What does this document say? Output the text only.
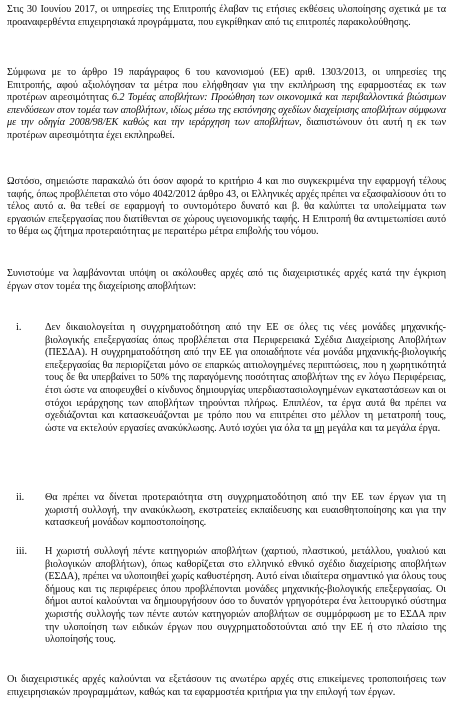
Στις 30 Ιουνίου 2017, οι υπηρεσίες της Επιτροπής έλαβαν τις ετήσιες εκθέσεις υλοποίησης σχετικά με τα προαναφερθέντα επιχειρησιακά προγράμματα, που εγκρίθηκαν από τις επιτροπές παρακολούθησης.

Σύμφωνα με το άρθρο 19 παράγραφος 6 του κανονισμού (ΕΕ) αριθ. 1303/2013, οι υπηρεσίες της Επιτροπής, αφού αξιολόγησαν τα μέτρα που ελήφθησαν για την εκπλήρωση της εφαρμοστέας εκ των προτέρων αιρεσιμότητας 6.2 Τομέας αποβλήτων: Προώθηση των οικονομικά και περιβαλλοντικά βιώσιμων επενδύσεων στον τομέα των αποβλήτων, ιδίως μέσω της εκπόνησης σχεδίων διαχείρισης αποβλήτων σύμφωνα με την οδηγία 2008/98/ΕΚ καθώς και την ιεράρχηση των αποβλήτων, διαπιστώνουν ότι αυτή η εκ των προτέρων αιρεσιμότητα έχει εκπληρωθεί.

Ωστόσο, σημειώστε παρακαλώ ότι όσον αφορά το κριτήριο 4 και πιο συγκεκριμένα την εφαρμογή τέλους ταφής, όπως προβλέπεται στο νόμο 4042/2012 άρθρο 43, οι Ελληνικές αρχές πρέπει να εξασφαλίσουν ότι το τέλος αυτό α. θα τεθεί σε εφαρμογή το συντομότερο δυνατό και β. θα καλύπτει τα υπολείμματα των εργασιών επεξεργασίας που διατίθενται σε χώρους υγειονομικής ταφής. Η Επιτροπή θα αντιμετωπίσει αυτό το θέμα ως ζήτημα προτεραιότητας με περαιτέρω μέτρα επιβολής του νόμου.

Συνιστούμε να λαμβάνονται υπόψη οι ακόλουθες αρχές από τις διαχειριστικές αρχές κατά την έγκριση έργων στον τομέα της διαχείρισης αποβλήτων:

i. Δεν δικαιολογείται η συγχρηματοδότηση από την ΕΕ σε όλες τις νέες μονάδες μηχανικής-βιολογικής επεξεργασίας όπως προβλέπεται στα Περιφερειακά Σχέδια Διαχείρισης Αποβλήτων (ΠΕΣΔΑ). Η συγχρηματοδότηση από την ΕΕ για οποιαδήποτε νέα μονάδα μηχανικής-βιολογικής επεξεργασίας θα περιορίζεται μόνο σε επαρκώς αιτιολογημένες περιπτώσεις, που η χωρητικότητά τους δε θα υπερβαίνει το 50% της παραγόμενης ποσότητας αποβλήτων της εν λόγω Περιφέρειας, έτσι ώστε να αποφευχθεί ο κίνδυνος δημιουργίας υπερδιαστασιολογημένων εγκαταστάσεων και οι στόχοι ιεράρχησης των αποβλήτων τηρούνται πλήρως. Επιπλέον, τα έργα αυτά θα πρέπει να σχεδιάζονται και κατασκευάζονται με τρόπο που να επιτρέπει στο μέλλον τη μετατροπή τους, ώστε να εκτελούν εργασίες ανακύκλωσης. Αυτό ισχύει για όλα τα μη μεγάλα και τα μεγάλα έργα.

ii. Θα πρέπει να δίνεται προτεραιότητα στη συγχρηματοδότηση από την ΕΕ των έργων για τη χωριστή συλλογή, την ανακύκλωση, εκστρατείες εκπαίδευσης και ευαισθητοποίησης και για την κατασκευή μονάδων κομποστοποίησης.

iii. Η χωριστή συλλογή πέντε κατηγοριών αποβλήτων (χαρτιού, πλαστικού, μετάλλου, γυαλιού και βιολογικών αποβλήτων), όπως καθορίζεται στο ελληνικό εθνικό σχέδιο διαχείρισης αποβλήτων (ΕΣΔΑ), πρέπει να υλοποιηθεί χωρίς καθυστέρηση. Αυτό είναι ιδιαίτερα σημαντικό για όλους τους δήμους και τις περιφέρειες όπου προβλέπονται μονάδες μηχανικής-βιολογικής επεξεργασίας. Οι δήμοι αυτοί καλούνται να δημιουργήσουν όσο το δυνατόν γρηγορότερα ένα λειτουργικό σύστημα χωριστής συλλογής των πέντε αυτών κατηγοριών αποβλήτων σε συμμόρφωση με το ΕΣΔΑ πριν την υλοποίηση των ειδικών έργων που συγχρηματοδοτούνται από την ΕΕ ή στο πλαίσιο της υλοποίησής τους.

Οι διαχειριστικές αρχές καλούνται να εξετάσουν τις ανωτέρω αρχές στις επικείμενες τροποποιήσεις των επιχειρησιακών προγραμμάτων, καθώς και τα εφαρμοστέα κριτήρια για την επιλογή των έργων.
